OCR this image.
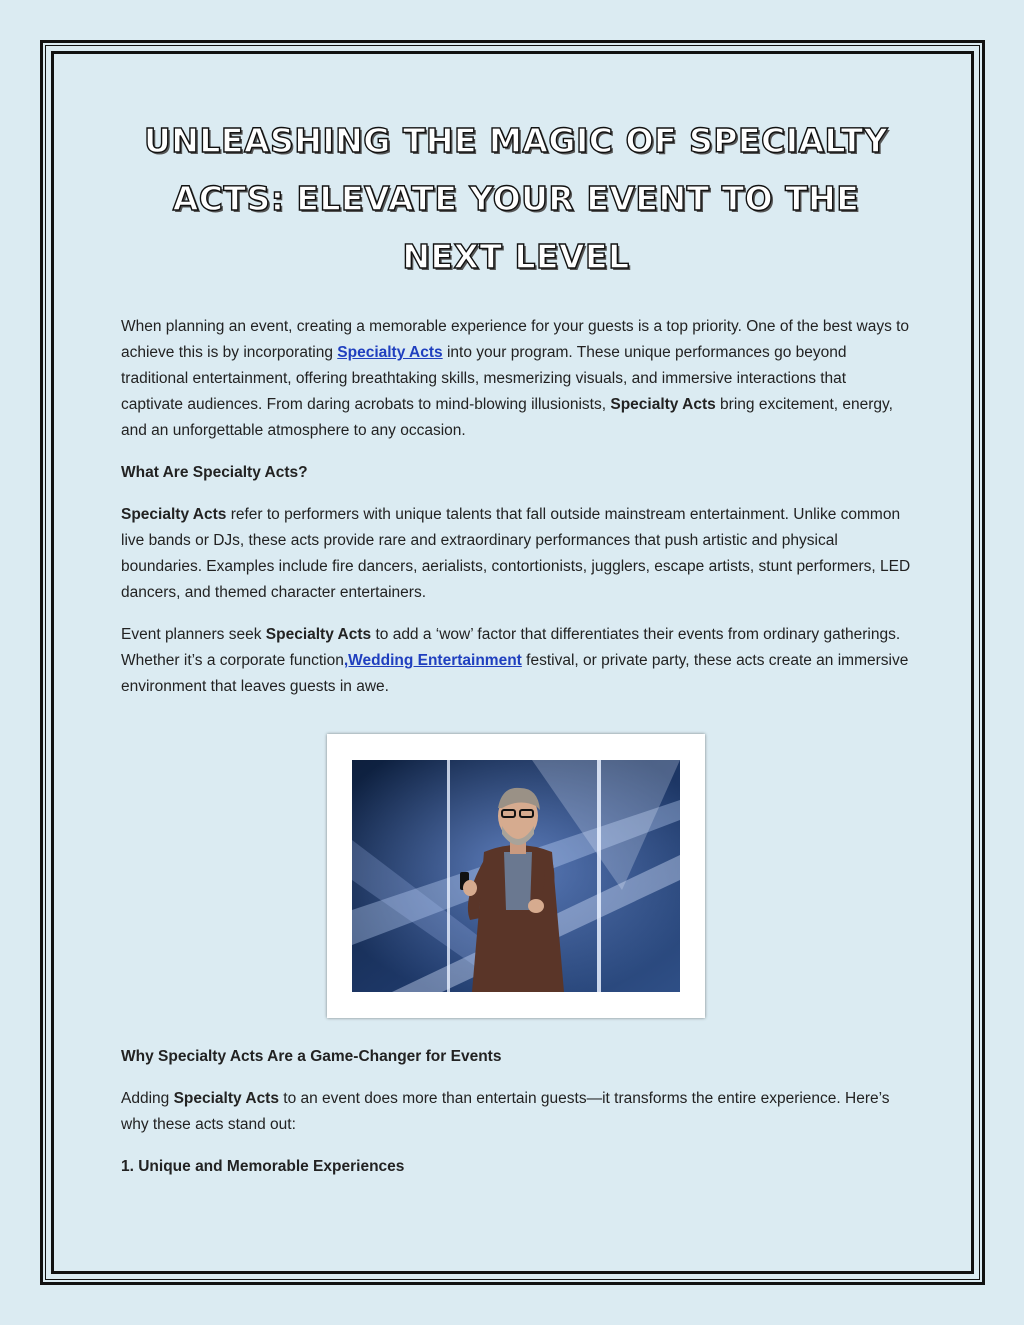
UNLEASHING THE MAGIC OF SPECIALTY ACTS: ELEVATE YOUR EVENT TO THE NEXT LEVEL

When planning an event, creating a memorable experience for your guests is a top priority. One of the best ways to achieve this is by incorporating Specialty Acts into your program. These unique performances go beyond traditional entertainment, offering breathtaking skills, mesmerizing visuals, and immersive interactions that captivate audiences. From daring acrobats to mind-blowing illusionists, Specialty Acts bring excitement, energy, and an unforgettable atmosphere to any occasion.

What Are Specialty Acts?

Specialty Acts refer to performers with unique talents that fall outside mainstream entertainment. Unlike common live bands or DJs, these acts provide rare and extraordinary performances that push artistic and physical boundaries. Examples include fire dancers, aerialists, contortionists, jugglers, escape artists, stunt performers, LED dancers, and themed character entertainers.

Event planners seek Specialty Acts to add a ‘wow’ factor that differentiates their events from ordinary gatherings. Whether it’s a corporate function,Wedding Entertainment festival, or private party, these acts create an immersive environment that leaves guests in awe.

Why Specialty Acts Are a Game-Changer for Events

Adding Specialty Acts to an event does more than entertain guests—it transforms the entire experience. Here’s why these acts stand out:

1. Unique and Memorable Experiences
